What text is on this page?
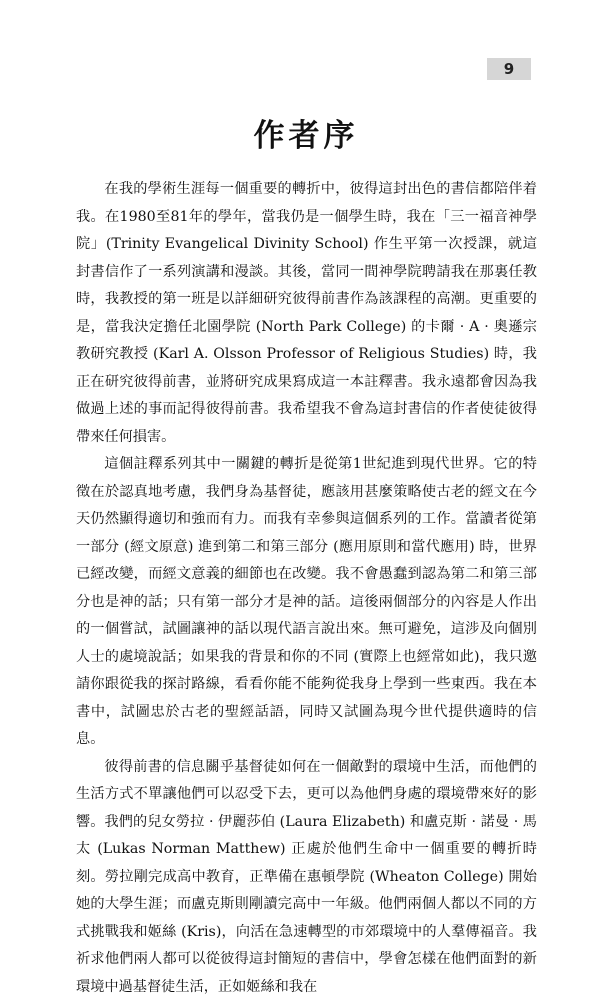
9
作者序

在我的學術生涯每一個重要的轉折中，彼得這封出色的書信都陪伴着我。在1980至81年的學年，當我仍是一個學生時，我在「三一福音神學院」(Trinity Evangelical Divinity School) 作生平第一次授課，就這封書信作了一系列演講和漫談。其後，當同一間神學院聘請我在那裏任教時，我教授的第一班是以詳細研究彼得前書作為該課程的高潮。更重要的是，當我決定擔任北園學院 (North Park College) 的卡爾 · A · 奧遜宗教研究教授 (Karl A. Olsson Professor of Religious Studies) 時，我正在研究彼得前書，並將研究成果寫成這一本註釋書。我永遠都會因為我做過上述的事而記得彼得前書。我希望我不會為這封書信的作者使徒彼得帶來任何損害。

這個註釋系列其中一關鍵的轉折是從第1世紀進到現代世界。它的特徵在於認真地考慮，我們身為基督徒，應該用甚麼策略使古老的經文在今天仍然顯得適切和強而有力。而我有幸參與這個系列的工作。當讀者從第一部分 (經文原意) 進到第二和第三部分 (應用原則和當代應用) 時，世界已經改變，而經文意義的細節也在改變。我不會愚蠢到認為第二和第三部分也是神的話；只有第一部分才是神的話。這後兩個部分的內容是人作出的一個嘗試，試圖讓神的話以現代語言說出來。無可避免，這涉及向個別人士的處境說話；如果我的背景和你的不同 (實際上也經常如此)，我只邀請你跟從我的探討路線，看看你能不能夠從我身上學到一些東西。我在本書中，試圖忠於古老的聖經話語，同時又試圖為現今世代提供適時的信息。

彼得前書的信息關乎基督徒如何在一個敵對的環境中生活，而他們的生活方式不單讓他們可以忍受下去，更可以為他們身處的環境帶來好的影響。我們的兒女勞拉 · 伊麗莎伯 (Laura Elizabeth) 和盧克斯 · 諾曼 · 馬太 (Lukas Norman Matthew) 正處於他們生命中一個重要的轉折時刻。勞拉剛完成高中教育，正準備在惠頓學院 (Wheaton College) 開始她的大學生涯；而盧克斯則剛讀完高中一年級。他們兩個人都以不同的方式挑戰我和姬絲 (Kris)，向活在急速轉型的市郊環境中的人羣傳福音。我祈求他們兩人都可以從彼得這封簡短的書信中，學會怎樣在他們面對的新環境中過基督徒生活，正如姬絲和我在
